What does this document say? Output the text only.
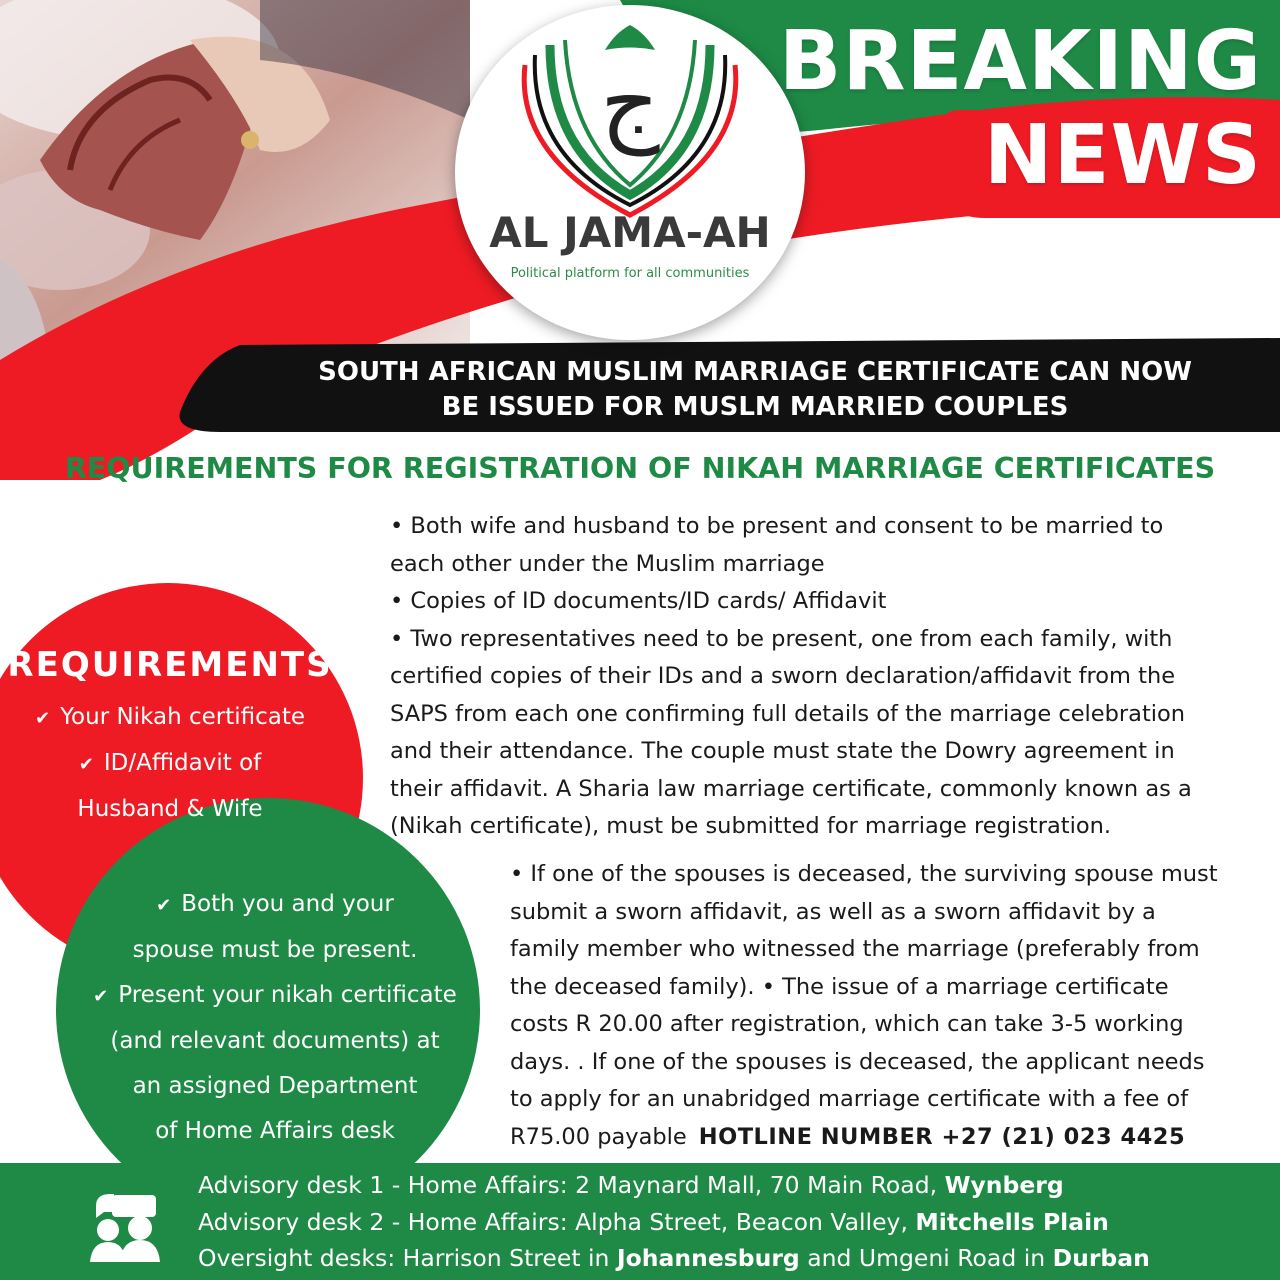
ج
AL JAMA-AH
Political platform for all communities
BREAKING
NEWS
SOUTH AFRICAN MUSLIM MARRIAGE CERTIFICATE CAN NOW
BE ISSUED FOR MUSLM MARRIED COUPLES
REQUIREMENTS FOR REGISTRATION OF NIKAH MARRIAGE CERTIFICATES
• Both wife and husband to be present and consent to be married to
each other under the Muslim marriage
• Copies of ID documents/ID cards/ Affidavit
• Two representatives need to be present, one from each family, with
certified copies of their IDs and a sworn declaration/affidavit from the
SAPS from each one confirming full details of the marriage celebration
and their attendance. The couple must state the Dowry agreement in
their affidavit. A Sharia law marriage certificate, commonly known as a
(Nikah certificate), must be submitted for marriage registration.
• If one of the spouses is deceased, the surviving spouse must
submit a sworn affidavit, as well as a sworn affidavit by a
family member who witnessed the marriage (preferably from
the deceased family). • The issue of a marriage certificate
costs R 20.00 after registration, which can take 3-5 working
days. . If one of the spouses is deceased, the applicant needs
to apply for an unabridged marriage certificate with a fee of
R75.00 payable HOTLINE NUMBER +27 (21) 023 4425
REQUIREMENTS
✔ Your Nikah certificate
✔ ID/Affidavit of
Husband & Wife
✔ Both you and your
spouse must be present.
✔ Present your nikah certificate
(and relevant documents) at
an assigned Department
of Home Affairs desk
Advisory desk 1 - Home Affairs: 2 Maynard Mall, 70 Main Road, Wynberg
Advisory desk 2 - Home Affairs: Alpha Street, Beacon Valley, Mitchells Plain
Oversight desks: Harrison Street in Johannesburg and Umgeni Road in Durban
